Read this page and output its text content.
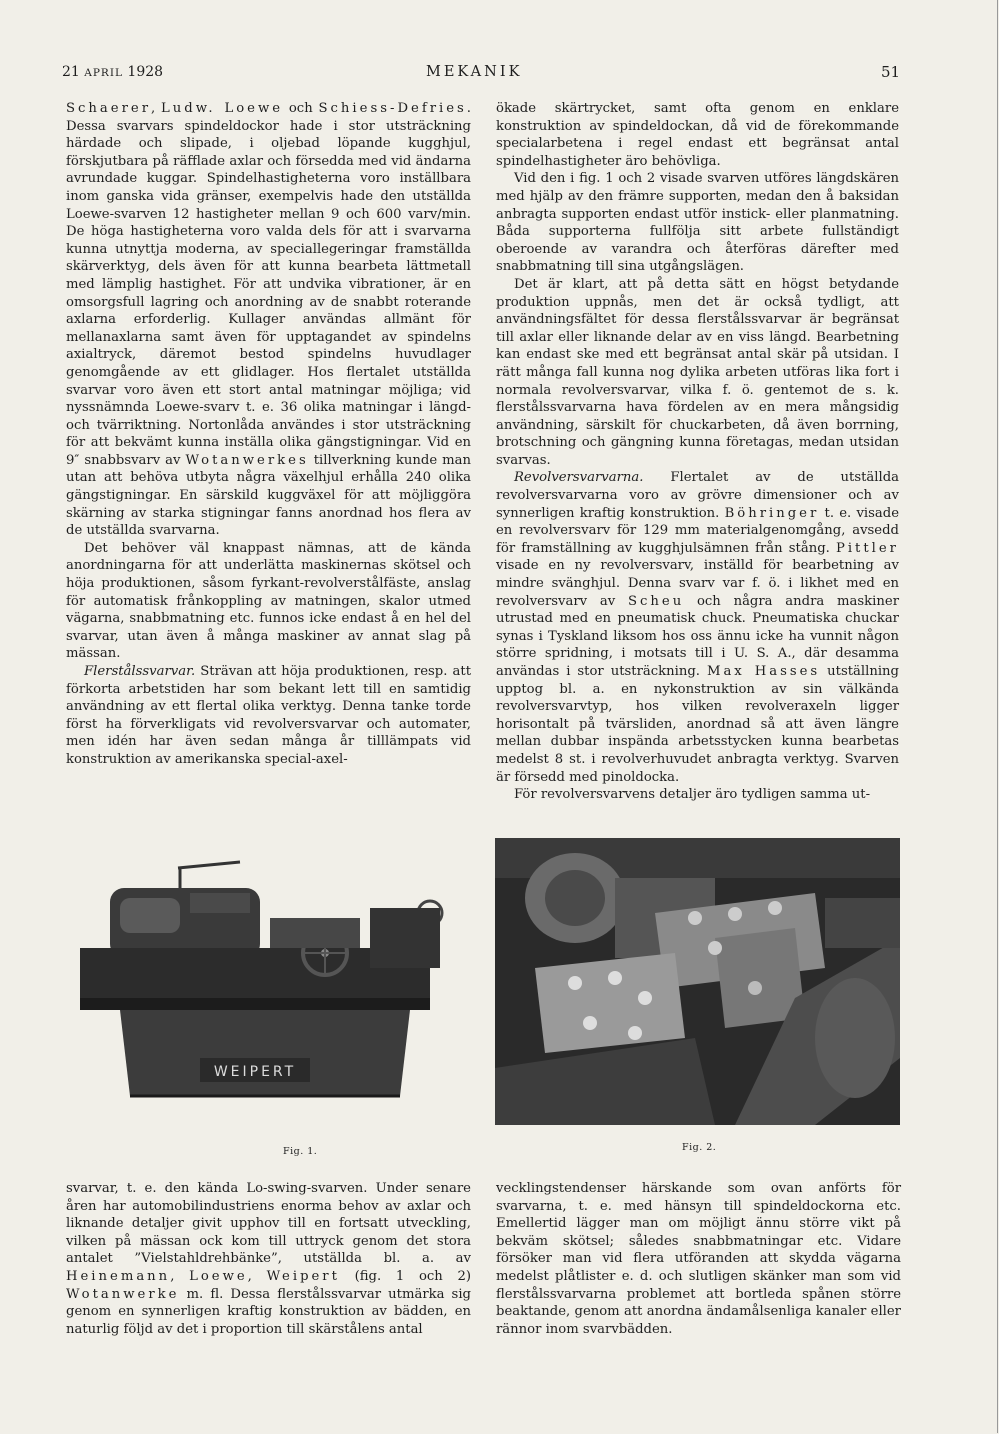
21 APRIL 1928	MEKANIK	51

Schaerer, Ludw. Loewe och Schiess-Defries. Dessa svarvars spindeldockor hade i stor utsträckning härdade och slipade, i oljebad löpande kugghjul, förskjutbara på räfflade axlar och försedda med vid ändarna avrundade kuggar. Spindelhastigheterna voro inställbara inom ganska vida gränser, exempelvis hade den utställda Loewe-svarven 12 hastigheter mellan 9 och 600 varv/min. De höga hastigheterna voro valda dels för att i svarvarna kunna utnyttja moderna, av speciallegeringar framställda skärverktyg, dels även för att kunna bearbeta lättmetall med lämplig hastighet. För att undvika vibrationer, är en omsorgsfull lagring och anordning av de snabbt roterande axlarna erforderlig. Kullager användas allmänt för mellanaxlarna samt även för upptagandet av spindelns axialtryck, däremot bestod spindelns huvudlager genomgående av ett glidlager. Hos flertalet utställda svarvar voro även ett stort antal matningar möjliga; vid nyssnämnda Loewe-svarv t. e. 36 olika matningar i längd- och tvärriktning. Nortonlåda användes i stor utsträckning för att bekvämt kunna inställa olika gängstigningar. Vid en 9″ snabbsvarv av Wotanwerkes tillverkning kunde man utan att behöva utbyta några växelhjul erhålla 240 olika gängstigningar. En särskild kuggväxel för att möjliggöra skärning av starka stigningar fanns anordnad hos flera av de utställda svarvarna.

Det behöver väl knappast nämnas, att de kända anordningarna för att underlätta maskinernas skötsel och höja produktionen, såsom fyrkant-revolverstålfäste, anslag för automatisk frånkoppling av matningen, skalor utmed vägarna, snabbmatning etc. funnos icke endast å en hel del svarvar, utan även å många maskiner av annat slag på mässan.

Flerstålssvarvar. Strävan att höja produktionen, resp. att förkorta arbetstiden har som bekant lett till en samtidig användning av ett flertal olika verktyg. Denna tanke torde först ha förverkligats vid revolversvarvar och automater, men idén har även sedan många år tilllämpats vid konstruktion av amerikanska special-axel-

ökade skärtrycket, samt ofta genom en enklare konstruktion av spindeldockan, då vid de förekommande specialarbetena i regel endast ett begränsat antal spindelhastigheter äro behövliga.

Vid den i fig. 1 och 2 visade svarven utföres längdskären med hjälp av den främre supporten, medan den å baksidan anbragta supporten endast utför instick- eller planmatning. Båda supporterna fullfölja sitt arbete fullständigt oberoende av varandra och återföras därefter med snabbmatning till sina utgångslägen.

Det är klart, att på detta sätt en högst betydande produktion uppnås, men det är också tydligt, att användningsfältet för dessa flerstålssvarvar är begränsat till axlar eller liknande delar av en viss längd. Bearbetning kan endast ske med ett begränsat antal skär på utsidan. I rätt många fall kunna nog dylika arbeten utföras lika fort i normala revolversvarvar, vilka f. ö. gentemot de s. k. flerstålssvarvarna hava fördelen av en mera mångsidig användning, särskilt för chuckarbeten, då även borrning, brotschning och gängning kunna företagas, medan utsidan svarvas.

Revolversvarvarna. Flertalet av de utställda revolversvarvarna voro av grövre dimensioner och av synnerligen kraftig konstruktion. Böhringer t. e. visade en revolversvarv för 129 mm materialgenomgång, avsedd för framställning av kugghjulsämnen från stång. Pittler visade en ny revolversvarv, inställd för bearbetning av mindre svänghjul. Denna svarv var f. ö. i likhet med en revolversvarv av Scheu och några andra maskiner utrustad med en pneumatisk chuck. Pneumatiska chuckar synas i Tyskland liksom hos oss ännu icke ha vunnit någon större spridning, i motsats till i U. S. A., där desamma användas i stor utsträckning. Max Hasses utställning upptog bl. a. en nykonstruktion av sin välkända revolversvarvtyp, hos vilken revolveraxeln ligger horisontalt på tvärsliden, anordnad så att även längre mellan dubbar inspända arbetsstycken kunna bearbetas medelst 8 st. i revolverhuvudet anbragta verktyg. Svarven är försedd med pinoldocka.

För revolversvarvens detaljer äro tydligen samma ut-

WEIPERT
Fig. 1.	Fig. 2.

svarvar, t. e. den kända Lo-swing-svarven. Under senare åren har automobilindustriens enorma behov av axlar och liknande detaljer givit upphov till en fortsatt utveckling, vilken på mässan ock kom till uttryck genom det stora antalet ”Vielstahldrehbänke”, utställda bl. a. av Heinemann, Loewe, Weipert (fig. 1 och 2) Wotanwerke m. fl. Dessa flerstålssvarvar utmärka sig genom en synnerligen kraftig konstruktion av bädden, en naturlig följd av det i proportion till skärstålens antal

vecklingstendenser härskande som ovan anförts för svarvarna, t. e. med hänsyn till spindeldockorna etc. Emellertid lägger man om möjligt ännu större vikt på bekväm skötsel; således snabbmatningar etc. Vidare försöker man vid flera utföranden att skydda vägarna medelst plåtlister e. d. och slutligen skänker man som vid flerstålssvarvarna problemet att bortleda spånen större beaktande, genom att anordna ändamålsenliga kanaler eller rännor inom svarvbädden.
